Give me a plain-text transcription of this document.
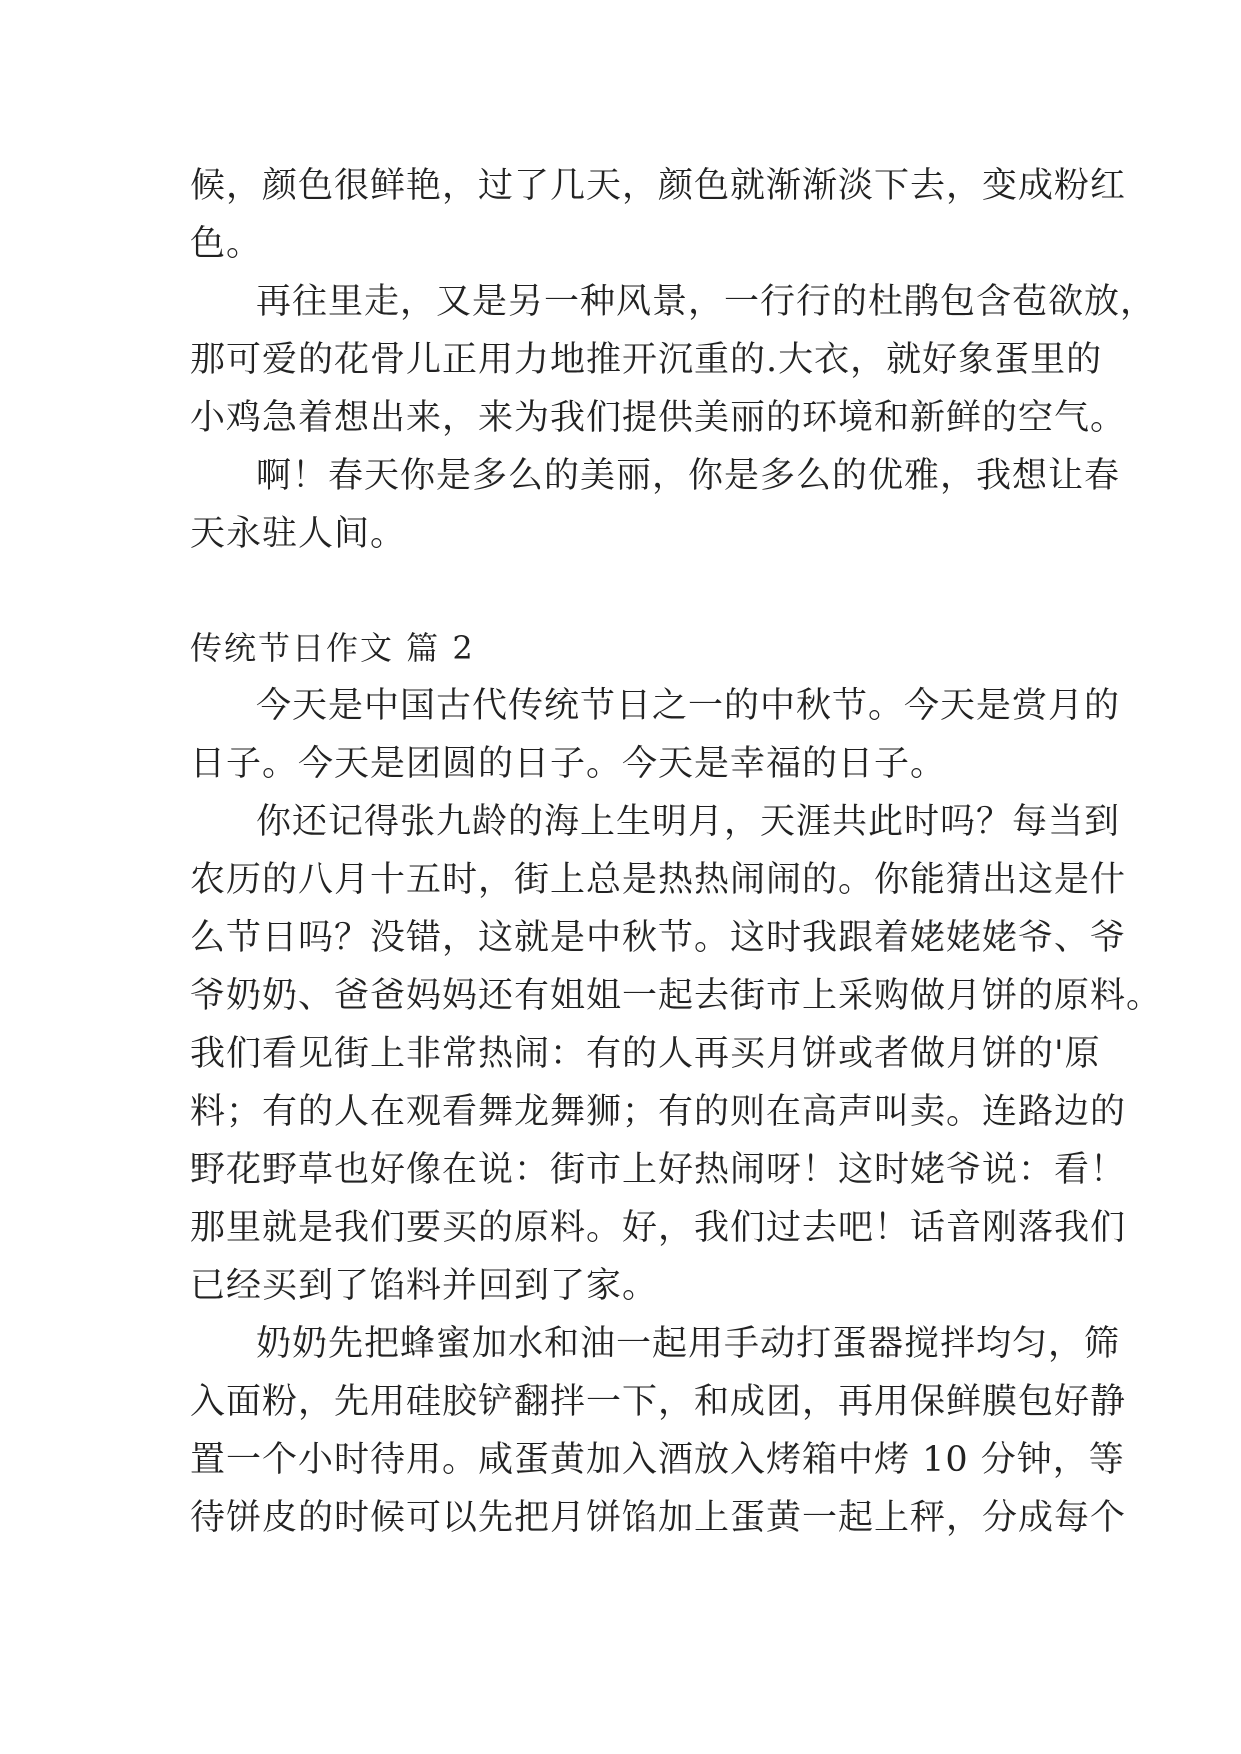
候，颜色很鲜艳，过了几天，颜色就渐渐淡下去，变成粉红
色。
再往里走，又是另一种风景，一行行的杜鹃包含苞欲放，
那可爱的花骨儿正用力地推开沉重的.大衣，就好象蛋里的
小鸡急着想出来，来为我们提供美丽的环境和新鲜的空气。
啊！春天你是多么的美丽，你是多么的优雅，我想让春
天永驻人间。
传统节日作文 篇 2
今天是中国古代传统节日之一的中秋节。今天是赏月的
日子。今天是团圆的日子。今天是幸福的日子。
你还记得张九龄的海上生明月，天涯共此时吗？每当到
农历的八月十五时，街上总是热热闹闹的。你能猜出这是什
么节日吗？没错，这就是中秋节。这时我跟着姥姥姥爷、爷
爷奶奶、爸爸妈妈还有姐姐一起去街市上采购做月饼的原料。
我们看见街上非常热闹：有的人再买月饼或者做月饼的'原
料；有的人在观看舞龙舞狮；有的则在高声叫卖。连路边的
野花野草也好像在说：街市上好热闹呀！这时姥爷说：看！
那里就是我们要买的原料。好，我们过去吧！话音刚落我们
已经买到了馅料并回到了家。
奶奶先把蜂蜜加水和油一起用手动打蛋器搅拌均匀，筛
入面粉，先用硅胶铲翻拌一下，和成团，再用保鲜膜包好静
置一个小时待用。咸蛋黄加入酒放入烤箱中烤 10 分钟，等
待饼皮的时候可以先把月饼馅加上蛋黄一起上秤，分成每个
